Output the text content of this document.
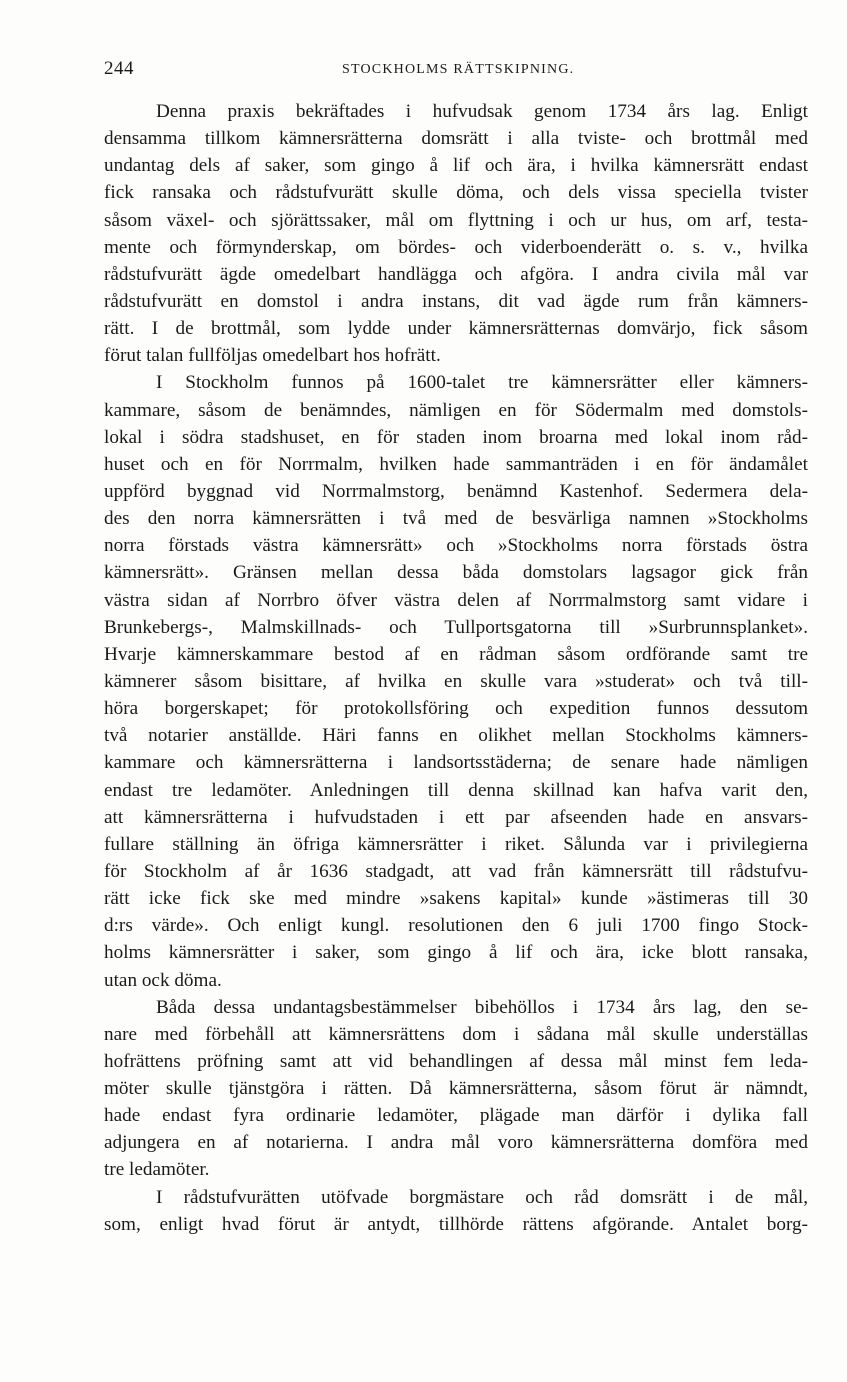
244	STOCKHOLMS RÄTTSKIPNING.
Denna praxis bekräftades i hufvudsak genom 1734 års lag. Enligt
densamma tillkom kämnersrätterna domsrätt i alla tviste- och brottmål med
undantag dels af saker, som gingo å lif och ära, i hvilka kämnersrätt endast
fick ransaka och rådstufvurätt skulle döma, och dels vissa speciella tvister
såsom växel- och sjörättssaker, mål om flyttning i och ur hus, om arf, testa-
mente och förmynderskap, om bördes- och viderboenderätt o. s. v., hvilka
rådstufvurätt ägde omedelbart handlägga och afgöra. I andra civila mål var
rådstufvurätt en domstol i andra instans, dit vad ägde rum från kämners-
rätt. I de brottmål, som lydde under kämnersrätternas domvärjo, fick såsom
förut talan fullföljas omedelbart hos hofrätt.
I Stockholm funnos på 1600-talet tre kämnersrätter eller kämners-
kammare, såsom de benämndes, nämligen en för Södermalm med domstols-
lokal i södra stadshuset, en för staden inom broarna med lokal inom råd-
huset och en för Norrmalm, hvilken hade sammanträden i en för ändamålet
uppförd byggnad vid Norrmalmstorg, benämnd Kastenhof. Sedermera dela-
des den norra kämnersrätten i två med de besvärliga namnen »Stockholms
norra förstads västra kämnersrätt» och »Stockholms norra förstads östra
kämnersrätt». Gränsen mellan dessa båda domstolars lagsagor gick från
västra sidan af Norrbro öfver västra delen af Norrmalmstorg samt vidare i
Brunkebergs-, Malmskillnads- och Tullportsgatorna till »Surbrunnsplanket».
Hvarje kämnerskammare bestod af en rådman såsom ordförande samt tre
kämnerer såsom bisittare, af hvilka en skulle vara »studerat» och två till-
höra borgerskapet; för protokollsföring och expedition funnos dessutom
två notarier anställde. Häri fanns en olikhet mellan Stockholms kämners-
kammare och kämnersrätterna i landsortsstäderna; de senare hade nämligen
endast tre ledamöter. Anledningen till denna skillnad kan hafva varit den,
att kämnersrätterna i hufvudstaden i ett par afseenden hade en ansvars-
fullare ställning än öfriga kämnersrätter i riket. Sålunda var i privilegierna
för Stockholm af år 1636 stadgadt, att vad från kämnersrätt till rådstufvu-
rätt icke fick ske med mindre »sakens kapital» kunde »ästimeras till 30
d:rs värde». Och enligt kungl. resolutionen den 6 juli 1700 fingo Stock-
holms kämnersrätter i saker, som gingo å lif och ära, icke blott ransaka,
utan ock döma.
Båda dessa undantagsbestämmelser bibehöllos i 1734 års lag, den se-
nare med förbehåll att kämnersrättens dom i sådana mål skulle underställas
hofrättens pröfning samt att vid behandlingen af dessa mål minst fem leda-
möter skulle tjänstgöra i rätten. Då kämnersrätterna, såsom förut är nämndt,
hade endast fyra ordinarie ledamöter, plägade man därför i dylika fall
adjungera en af notarierna. I andra mål voro kämnersrätterna domföra med
tre ledamöter.
I rådstufvurätten utöfvade borgmästare och råd domsrätt i de mål,
som, enligt hvad förut är antydt, tillhörde rättens afgörande. Antalet borg-
